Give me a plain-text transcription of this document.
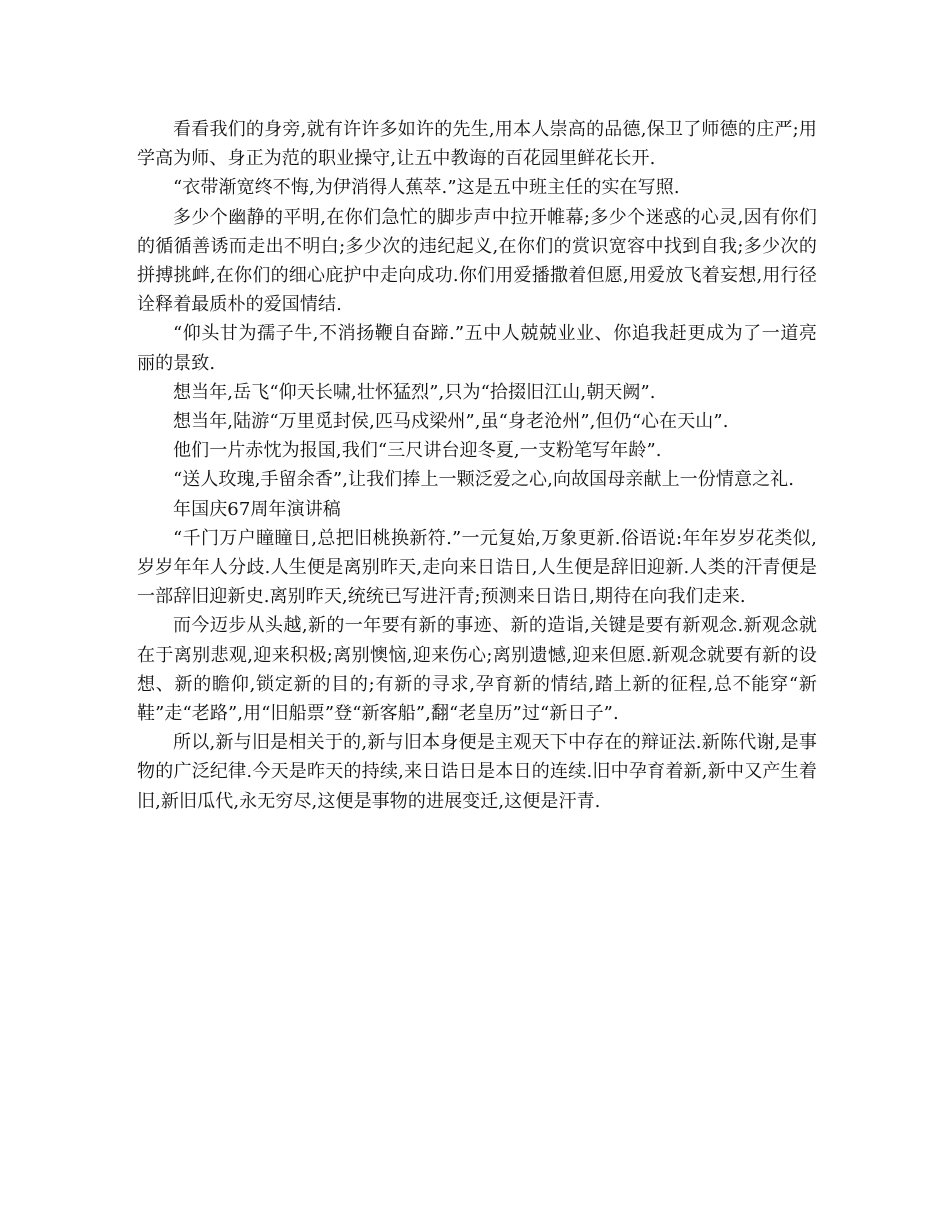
看看我们的身旁,就有许许多如许的先生,用本人崇高的品德,保卫了师德的庄严;用学高为师、身正为范的职业操守,让五中教诲的百花园里鲜花长开.

“衣带渐宽终不悔,为伊消得人蕉萃.”这是五中班主任的实在写照.

多少个幽静的平明,在你们急忙的脚步声中拉开帷幕;多少个迷惑的心灵,因有你们的循循善诱而走出不明白;多少次的违纪起义,在你们的赏识宽容中找到自我;多少次的拼搏挑衅,在你们的细心庇护中走向成功.你们用爱播撒着但愿,用爱放飞着妄想,用行径诠释着最质朴的爱国情结.

“仰头甘为孺子牛,不消扬鞭自奋蹄.”五中人兢兢业业、你追我赶更成为了一道亮丽的景致.

想当年,岳飞“仰天长啸,壮怀猛烈”,只为“拾掇旧江山,朝天阙”.

想当年,陆游“万里觅封侯,匹马戍梁州”,虽“身老沧州”,但仍“心在天山”.

他们一片赤忱为报国,我们“三尺讲台迎冬夏,一支粉笔写年龄”.

“送人玫瑰,手留余香”,让我们捧上一颗泛爱之心,向故国母亲献上一份情意之礼.

年国庆67周年演讲稿

“千门万户瞳瞳日,总把旧桃换新符.”一元复始,万象更新.俗语说:年年岁岁花类似,岁岁年年人分歧.人生便是离别昨天,走向来日诰日,人生便是辞旧迎新.人类的汗青便是一部辞旧迎新史.离别昨天,统统已写进汗青;预测来日诰日,期待在向我们走来.

而今迈步从头越,新的一年要有新的事迹、新的造诣,关键是要有新观念.新观念就在于离别悲观,迎来积极;离别懊恼,迎来伤心;离别遗憾,迎来但愿.新观念就要有新的设想、新的瞻仰,锁定新的目的;有新的寻求,孕育新的情结,踏上新的征程,总不能穿“新鞋”走“老路”,用“旧船票”登“新客船”,翻“老皇历”过“新日子”.

所以,新与旧是相关于的,新与旧本身便是主观天下中存在的辩证法.新陈代谢,是事物的广泛纪律.今天是昨天的持续,来日诰日是本日的连续.旧中孕育着新,新中又产生着旧,新旧瓜代,永无穷尽,这便是事物的进展变迁,这便是汗青.
